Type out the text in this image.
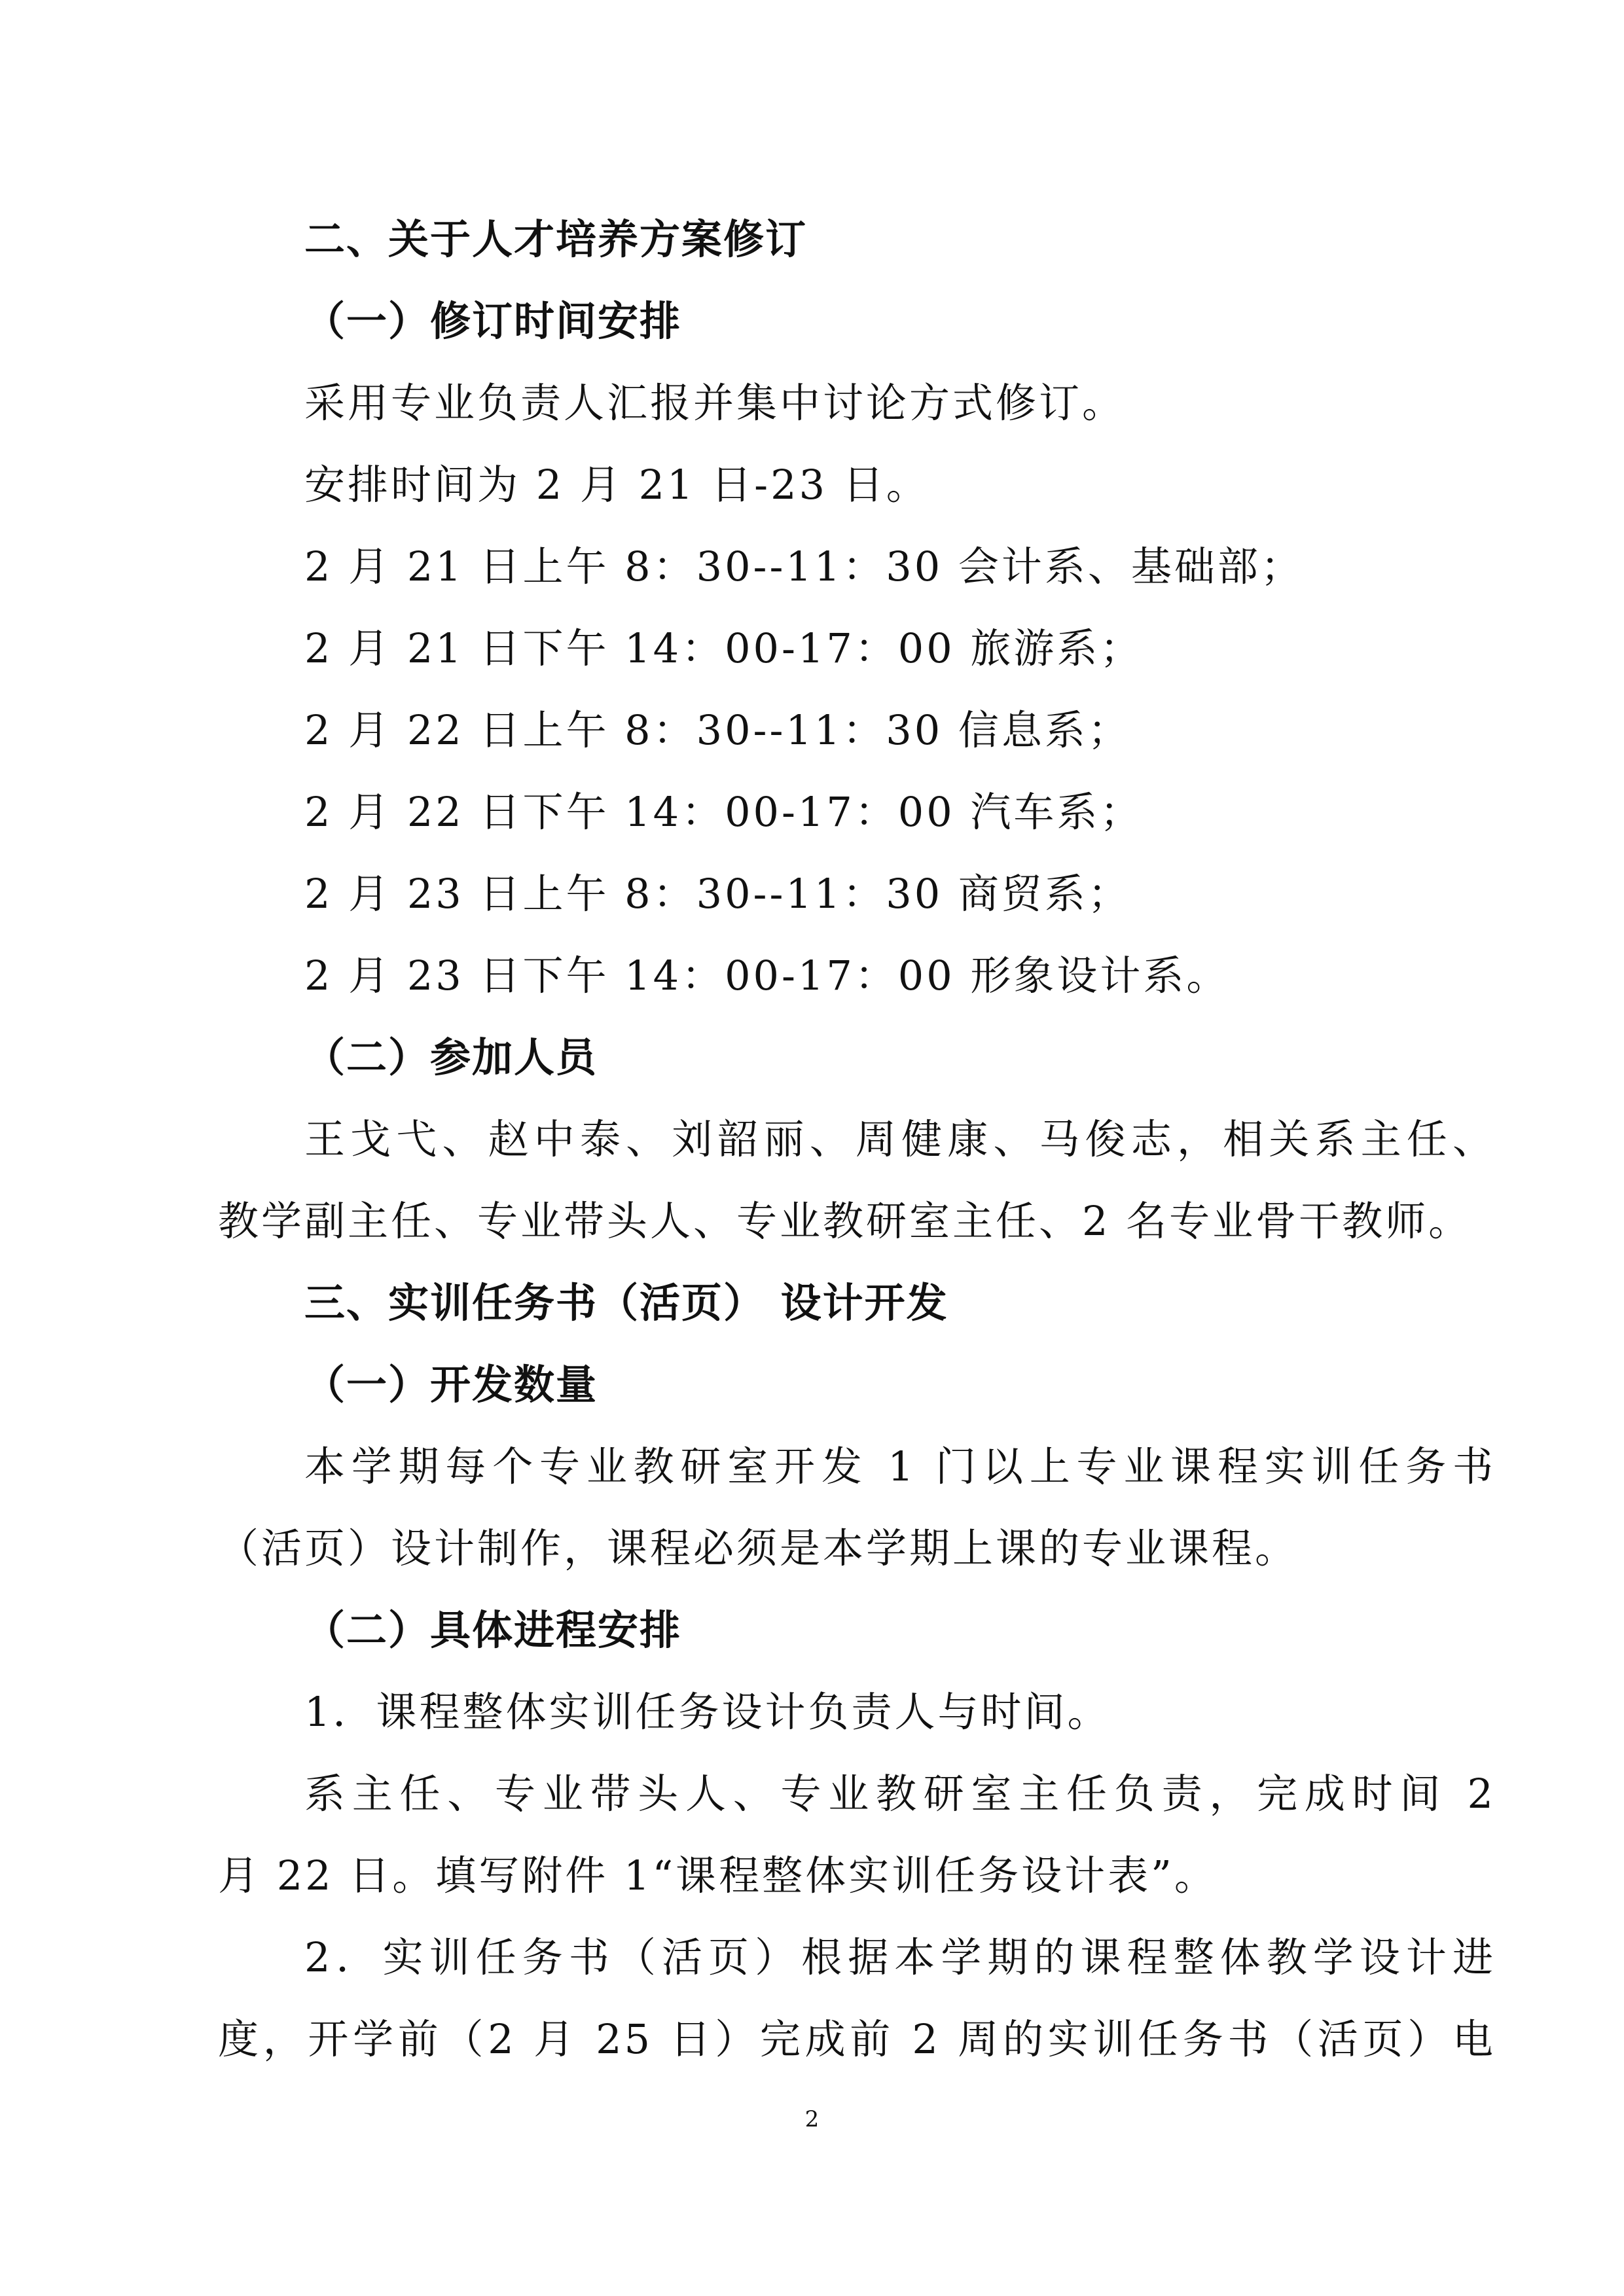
二、关于人才培养方案修订
（一）修订时间安排
采用专业负责人汇报并集中讨论方式修订。
安排时间为 2 月 21 日-23 日。
2 月 21 日上午 8：30--11：30 会计系、基础部；
2 月 21 日下午 14：00-17：00 旅游系；
2 月 22 日上午 8：30--11：30 信息系；
2 月 22 日下午 14：00-17：00 汽车系；
2 月 23 日上午 8：30--11：30 商贸系；
2 月 23 日下午 14：00-17：00 形象设计系。
（二）参加人员
王戈弋、赵中泰、刘韶丽、周健康、马俊志，相关系主任、
教学副主任、专业带头人、专业教研室主任、2 名专业骨干教师。
三、实训任务书（活页） 设计开发
（一）开发数量
本学期每个专业教研室开发 1 门以上专业课程实训任务书
（活页）设计制作，课程必须是本学期上课的专业课程。
（二）具体进程安排
1．课程整体实训任务设计负责人与时间。
系主任、专业带头人、专业教研室主任负责，完成时间 2
月 22 日。填写附件 1“课程整体实训任务设计表”。
2．实训任务书（活页）根据本学期的课程整体教学设计进
度，开学前（2 月 25 日）完成前 2 周的实训任务书（活页）电
2
